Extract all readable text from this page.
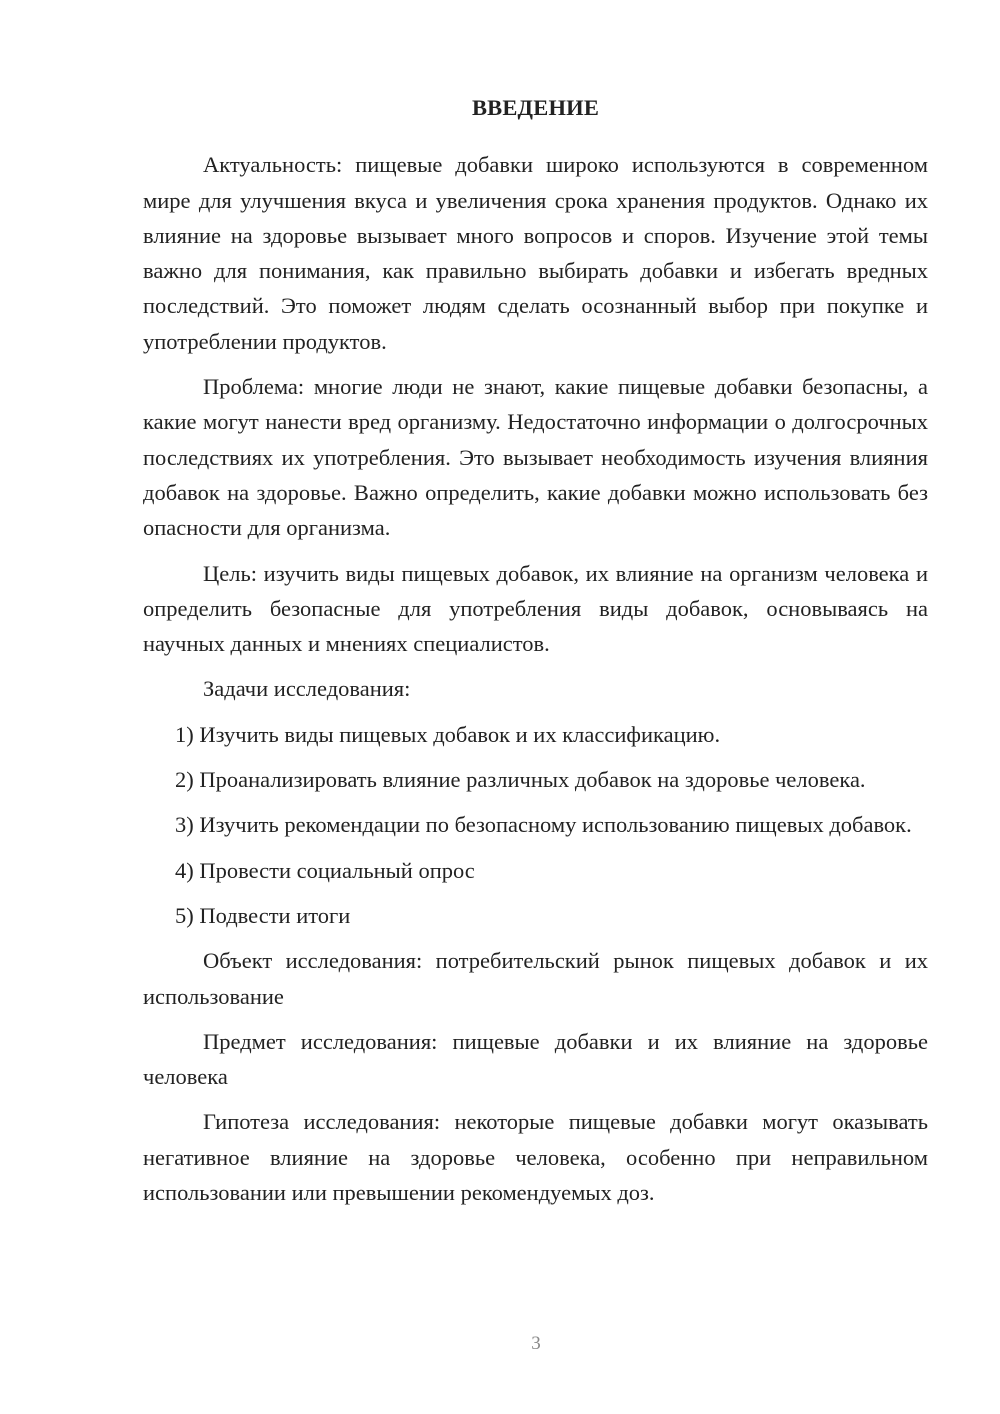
ВВЕДЕНИЕ

Актуальность: пищевые добавки широко используются в современном мире для улучшения вкуса и увеличения срока хранения продуктов. Однако их влияние на здоровье вызывает много вопросов и споров. Изучение этой темы важно для понимания, как правильно выбирать добавки и избегать вредных последствий. Это поможет людям сделать осознанный выбор при покупке и употреблении продуктов.

Проблема: многие люди не знают, какие пищевые добавки безопасны, а какие могут нанести вред организму. Недостаточно информации о долгосрочных последствиях их употребления. Это вызывает необходимость изучения влияния добавок на здоровье. Важно определить, какие добавки можно использовать без опасности для организма.

Цель: изучить виды пищевых добавок, их влияние на организм человека и определить безопасные для употребления виды добавок, основываясь на научных данных и мнениях специалистов.

Задачи исследования:

1) Изучить виды пищевых добавок и их классификацию.

2) Проанализировать влияние различных добавок на здоровье человека.

3) Изучить рекомендации по безопасному использованию пищевых добавок.

4) Провести социальный опрос

5) Подвести итоги

Объект исследования: потребительский рынок пищевых добавок и их использование

Предмет исследования: пищевые добавки и их влияние на здоровье человека

Гипотеза исследования: некоторые пищевые добавки могут оказывать негативное влияние на здоровье человека, особенно при неправильном использовании или превышении рекомендуемых доз.

3
